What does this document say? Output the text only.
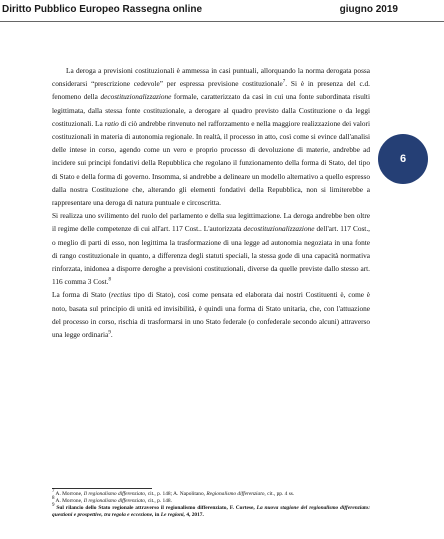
Diritto Pubblico Europeo Rassegna online	giugno 2019
6

La deroga a previsioni costituzionali è ammessa in casi puntuali, allorquando la norma derogata possa considerarsi “prescrizione cedevole” per espressa previsione costituzionale$^7$. Si è in presenza del c.d. fenomeno della decostituzionalizzazione formale, caratterizzato da casi in cui una fonte subordinata risulti legittimata, dalla stessa fonte costituzionale, a derogare al quadro previsto dalla Costituzione o da leggi costituzionali. La ratio di ciò andrebbe rinvenuto nel rafforzamento e nella maggiore realizzazione dei valori costituzionali in materia di autonomia regionale. In realtà, il processo in atto, così come si evince dall'analisi delle intese in corso, agendo come un vero e proprio processo di devoluzione di materie, andrebbe ad incidere sui principi fondativi della Repubblica che regolano il funzionamento della forma di Stato, del tipo di Stato e della forma di governo. Insomma, si andrebbe a delineare un modello alternativo a quello espresso dalla nostra Costituzione che, alterando gli elementi fondativi della Repubblica, non si limiterebbe a rappresentare una deroga di natura puntuale e circoscritta.

Si realizza uno svilimento del ruolo del parlamento e della sua legittimazione. La deroga andrebbe ben oltre il regime delle competenze di cui all'art. 117 Cost.. L'autorizzata decostituzionalizzazione dell'art. 117 Cost., o meglio di parti di esso, non legittima la trasformazione di una legge ad autonomia negoziata in una fonte di rango costituzionale in quanto, a differenza degli statuti speciali, la stessa gode di una capacità normativa rinforzata, inidonea a disporre deroghe a previsioni costituzionali, diverse da quelle previste dallo stesso art. 116 comma 3 Cost.$^8$

La forma di Stato (rectius tipo di Stato), così come pensata ed elaborata dai nostri Costituenti è, come è noto, basata sul principio di unità ed invisibilità, è quindi una forma di Stato unitaria, che, con l'attuazione del processo in corso, rischia di trasformarsi in uno Stato federale (o confederale secondo alcuni) attraverso una legge ordinaria$^9$.

$^7$ A. Morrone, Il regionalismo differenziato, cit., p. 148; A. Napolitano, Regionalismo differenziato, cit., pp. 4 ss.

$^8$ A. Morrone, Il regionalismo differenziato, cit., p. 148.

$^9$ Sul rilancio dello Stato regionale attraverso il regionalismo differenziato, F. Cortese, La nuova stagione del regionalismo differenziato: questioni e prospettive, tra regola e eccezione, in Le regioni, 4, 2017.
